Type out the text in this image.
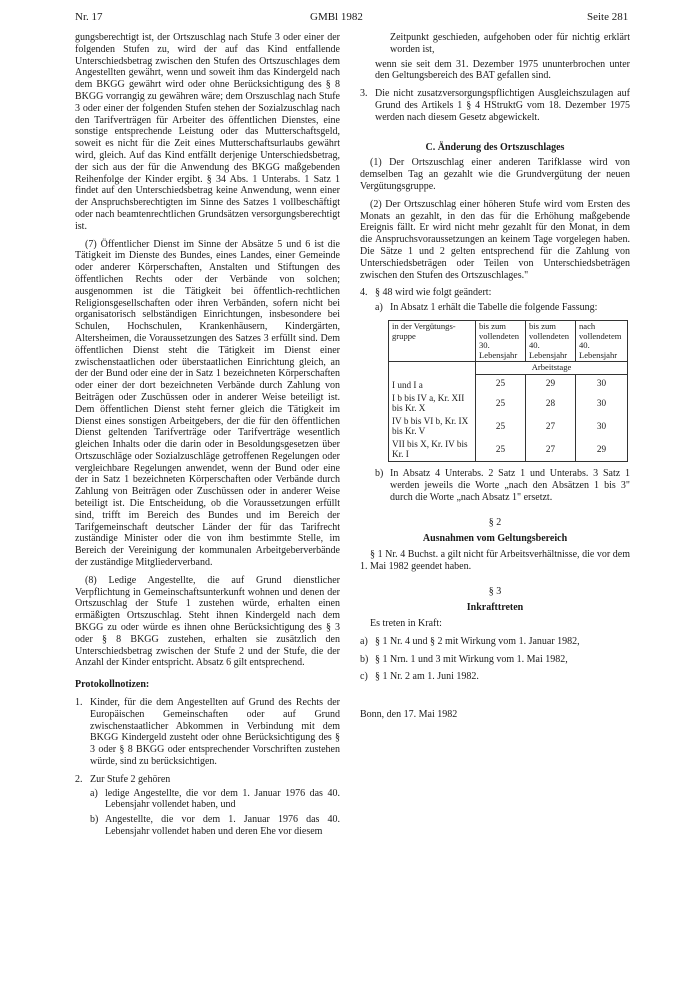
Nr. 17	GMBl 1982	Seite 281

gungsberechtigt ist, der Ortszuschlag nach Stufe 3 oder einer der folgenden Stufen zu, wird der auf das Kind entfallende Unterschiedsbetrag zwischen den Stufen des Ortszuschlages dem Angestellten gewährt, wenn und soweit ihm das Kindergeld nach dem BKGG gewährt wird oder ohne Berücksichtigung des § 8 BKGG vorrangig zu gewähren wäre; dem Orszuschlag nach Stufe 3 oder einer der folgenden Stufen stehen der Sozialzuschlag nach den Tarifverträgen für Arbeiter des öffentlichen Dienstes, eine sonstige entsprechende Leistung oder das Mutterschaftsgeld, soweit es nicht für die Zeit eines Mutterschaftsurlaubs gewährt wird, gleich. Auf das Kind entfällt derjenige Unterschiedsbetrag, der sich aus der für die Anwendung des BKGG maßgebenden Reihenfolge der Kinder ergibt. § 34 Abs. 1 Unterabs. 1 Satz 1 findet auf den Unterschiedsbetrag keine Anwendung, wenn einer der Anspruchsberechtigten im Sinne des Satzes 1 vollbeschäftigt oder nach beamtenrechtlichen Grundsätzen versorgungsberechtigt ist.

(7) Öffentlicher Dienst im Sinne der Absätze 5 und 6 ist die Tätigkeit im Dienste des Bundes, eines Landes, einer Gemeinde oder anderer Körperschaften, Anstalten und Stiftungen des öffentlichen Rechts oder der Verbände von solchen; ausgenommen ist die Tätigkeit bei öffentlich-rechtlichen Religionsgesellschaften oder ihren Verbänden, sofern nicht bei organisatorisch selbständigen Einrichtungen, insbesondere bei Schulen, Hochschulen, Krankenhäusern, Kindergärten, Altersheimen, die Voraussetzungen des Satzes 3 erfüllt sind. Dem öffentlichen Dienst steht die Tätigkeit im Dienst einer zwischenstaatlichen oder überstaatlichen Einrichtung gleich, an der der Bund oder eine der in Satz 1 bezeichneten Körperschaften oder einer der dort bezeichneten Verbände durch Zahlung von Beiträgen oder Zuschüssen oder in anderer Weise beteiligt ist. Dem öffentlichen Dienst steht ferner gleich die Tätigkeit im Dienst eines sonstigen Arbeitgebers, der die für den öffentlichen Dienst geltenden Tarifverträge oder Tarifverträge wesentlich gleichen Inhalts oder die darin oder in Besoldungsgesetzen über Ortszuschläge oder Sozialzuschläge getroffenen Regelungen oder vergleichbare Regelungen anwendet, wenn der Bund oder eine der in Satz 1 bezeichneten Körperschaften oder Verbände durch Zahlung von Beiträgen oder Zuschüssen oder in anderer Weise beteiligt ist. Die Entscheidung, ob die Voraussetzungen erfüllt sind, trifft im Bereich des Bundes und im Bereich der Tarifgemeinschaft deutscher Länder der für das Tarifrecht zuständige Minister oder die von ihm bestimmte Stelle, im Bereich der Vereinigung der kommunalen Arbeitgeberverbände der zuständige Mitgliederverband.

(8) Ledige Angestellte, die auf Grund dienstlicher Verpflichtung in Gemeinschaftsunterkunft wohnen und denen der Ortszuschlag der Stufe 1 zustehen würde, erhalten einen ermäßigten Ortszuschlag. Steht ihnen Kindergeld nach dem BKGG zu oder würde es ihnen ohne Berücksichtigung des § 3 oder § 8 BKGG zustehen, erhalten sie zusätzlich den Unterschiedsbetrag zwischen der Stufe 2 und der Stufe, die der Anzahl der Kinder entspricht. Absatz 6 gilt entsprechend.

Protokollnotizen:
1. Kinder, für die dem Angestellten auf Grund des Rechts der Europäischen Gemeinschaften oder auf Grund zwischenstaatlicher Abkommen in Verbindung mit dem BKGG Kindergeld zusteht oder ohne Berücksichtigung des § 3 oder § 8 BKGG oder entsprechender Vorschriften zustehen würde, sind zu berücksichtigen.
2. Zur Stufe 2 gehören
a) ledige Angestellte, die vor dem 1. Januar 1976 das 40. Lebensjahr vollendet haben, und
b) Angestellte, die vor dem 1. Januar 1976 das 40. Lebensjahr vollendet haben und deren Ehe vor diesem

Zeitpunkt geschieden, aufgehoben oder für nichtig erklärt worden ist,

wenn sie seit dem 31. Dezember 1975 ununterbrochen unter den Geltungsbereich des BAT gefallen sind.

3. Die nicht zusatzversorgungspflichtigen Ausgleichszulagen auf Grund des Artikels 1 § 4 HStruktG vom 18. Dezember 1975 werden nach diesem Gesetz abgewickelt.
C. Änderung des Ortszuschlages

(1) Der Ortszuschlag einer anderen Tarifklasse wird von demselben Tag an gezahlt wie die Grundvergütung der neuen Vergütungsgruppe.

(2) Der Ortszuschlag einer höheren Stufe wird vom Ersten des Monats an gezahlt, in den das für die Erhöhung maßgebende Ereignis fällt. Er wird nicht mehr gezahlt für den Monat, in dem die Anspruchsvoraussetzungen an keinem Tage vorgelegen haben. Die Sätze 1 und 2 gelten entsprechend für die Zahlung von Unterschiedsbeträgen oder Teilen von Unterschiedsbeträgen zwischen den Stufen des Ortszuschlages."

4. § 48 wird wie folgt geändert:
a) In Absatz 1 erhält die Tabelle die folgende Fassung:
in der Vergütungs-gruppe	bis zum vollendeten 30. Lebensjahr	bis zum vollendeten 40. Lebensjahr	nach vollendetem 40. Lebensjahr
	Arbeitstage		
I und I a	25	29	30
I b bis IV a, Kr. XII bis Kr. X	25	28	30
IV b bis VI b, Kr. IX bis Kr. V	25	27	30
VII bis X, Kr. IV bis Kr. I	25	27	29
b) In Absatz 4 Unterabs. 2 Satz 1 und Unterabs. 3 Satz 1 werden jeweils die Worte „nach den Absätzen 1 bis 3" durch die Worte „nach Absatz 1" ersetzt.
§ 2
Ausnahmen vom Geltungsbereich

§ 1 Nr. 4 Buchst. a gilt nicht für Arbeitsverhältnisse, die vor dem 1. Mai 1982 geendet haben.

§ 3
Inkrafttreten

Es treten in Kraft:

a) § 1 Nr. 4 und § 2 mit Wirkung vom 1. Januar 1982,
b) § 1 Nrn. 1 und 3 mit Wirkung vom 1. Mai 1982,
c) § 1 Nr. 2 am 1. Juni 1982.

Bonn, den 17. Mai 1982
